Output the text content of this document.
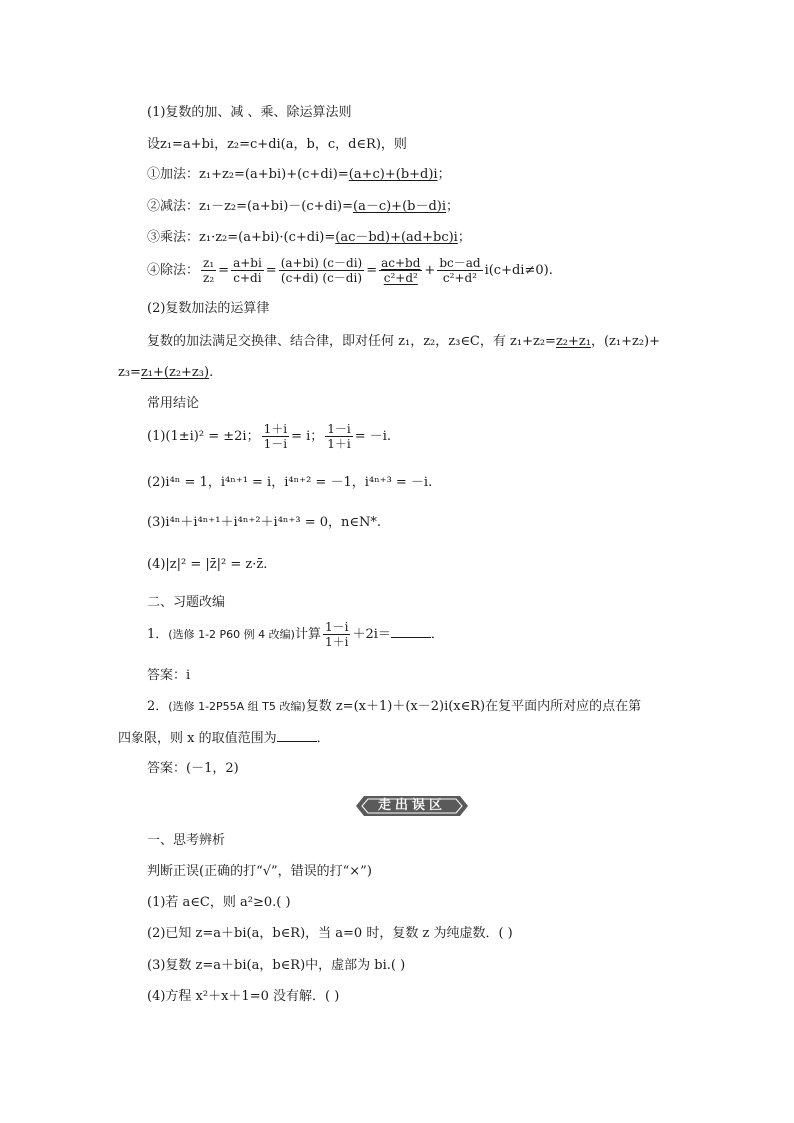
(1)复数的加、减 、乘、除运算法则
设z₁=a+bi，z₂=c+di(a，b，c，d∈R)，则
①加法：z₁+z₂=(a+bi)+(c+di)=(a+c)+(b+d)i；
②减法：z₁－z₂=(a+bi)－(c+di)=(a－c)+(b－d)i；
③乘法：z₁·z₂=(a+bi)·(c+di)=(ac－bd)+(ad+bc)i；
④除法： $\frac{\text{z₁}}{\text{z₂}} = \frac{a+bi}{c+di} = \frac{(a+bi) (c-di)}{(c+di) (c-di)} = \frac{ac+bd}{\text{c²+d²}} + \frac{bc-ad}{\text{c²+d²}} i(c+di\ne 0)$.
(2)复数加法的运算律
复数的加法满足交换律、结合律，即对任何 z₁，z₂，z₃∈C，有 z₁+z₂=z₂+z₁，(z₁+z₂)+
z₃=z₁+(z₂+z₃).
常用结论
(1)(1±i)² = ±2i； $\frac{1+i}{1-i} = i$； $\frac{1-i}{1+i} = -i$.
(2)i⁴ⁿ = 1，i⁴ⁿ⁺¹ = i，i⁴ⁿ⁺² = －1，i⁴ⁿ⁺³ = －i.
(3)i⁴ⁿ＋i⁴ⁿ⁺¹＋i⁴ⁿ⁺²＋i⁴ⁿ⁺³ = 0，n∈N*.
(4)|z|² = |z̄|² = z·z̄.
二、习题改编
1．(选修 1-2 P60 例 4 改编)计算 $\frac{1-i}{1+i} +2i=$	．
答案：i
2．(选修 1-2P55A 组 T5 改编)复数 z=(x＋1)＋(x－2)i(x∈R)在复平面内所对应的点在第
四象限，则 x 的取值范围为	．
答案：(－1，2)
走出误区
一、思考辨析
判断正误(正确的打“√”，错误的打“×”)
(1)若 a∈C，则 a²≥0.( )
(2)已知 z=a＋bi(a，b∈R)，当 a=0 时，复数 z 为纯虚数．( )
(3)复数 z=a＋bi(a，b∈R)中，虚部为 bi.( )
(4)方程 x²＋x＋1=0 没有解．( )
